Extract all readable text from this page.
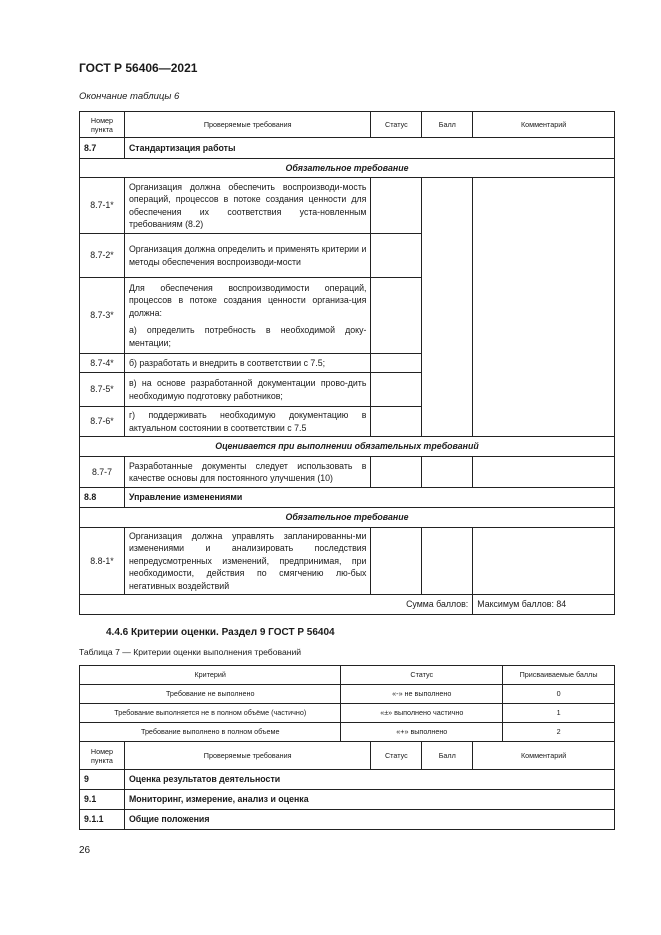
ГОСТ Р 56406—2021
Окончание таблицы 6
Номер пункта	Проверяемые требования	Статус	Балл	Комментарий
8.7	Стандартизация работы			
Обязательное требование				
8.7-1*	Организация должна обеспечить воспроизводи-мость операций, процессов в потоке создания ценности для обеспечения их соответствия уста-новленным требованиям (8.2)			
8.7-2*	Организация должна определить и применять критерии и методы обеспечения воспроизводи-мости			
8.7-3*	Для обеспечения воспроизводимости операций, процессов в потоке создания ценности организа-ция должна:

а) определить потребность в необходимой доку-ментации;			

8.7-4*	б) разработать и внедрить в соответствии с 7.5;			
8.7-5*	в) на основе разработанной документации прово-дить необходимую подготовку работников;			
8.7-6*	г) поддерживать необходимую документацию в актуальном состоянии в соответствии с 7.5			
Оценивается при выполнении обязательных требований				
8.7-7	Разработанные документы следует использовать в качестве основы для постоянного улучшения (10)			
8.8	Управление изменениями			
Обязательное требование				
8.8-1*	Организация должна управлять запланированны-ми изменениями и анализировать последствия непредусмотренных изменений, предпринимая, при необходимости, действия по смягчению лю-бых негативных воздействий			
Сумма баллов:				Максимум баллов: 84
4.4.6 Критерии оценки. Раздел 9 ГОСТ Р 56404
Таблица 7 — Критерии оценки выполнения требований
Критерий	Статус	Присваиваемые баллы
Требование не выполнено	«-» не выполнено	0
Требование выполняется не в полном объёме (частично)	«±» выполнено частично	1
Требование выполнено в полном объеме	«+» выполнено	2
Номер пункта	Проверяемые требования	Статус	Балл	Комментарий
9	Оценка результатов деятельности			
9.1	Мониторинг, измерение, анализ и оценка			
9.1.1	Общие положения			
26
